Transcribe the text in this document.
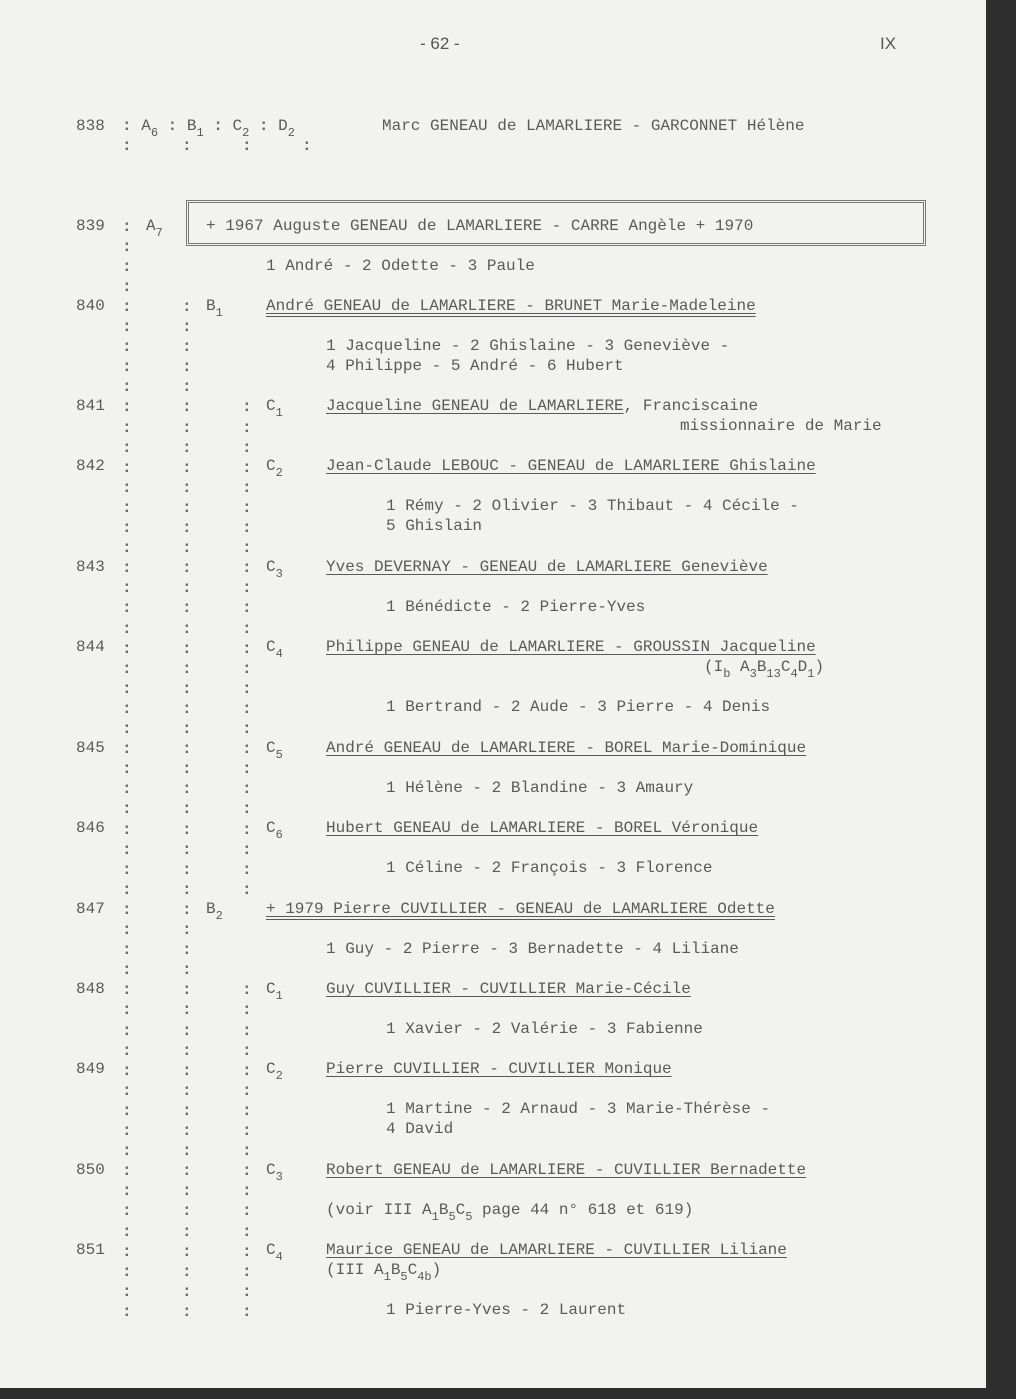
- 62 -	IX
838 : $A_6$ : $B_1$ : $C_2$ : $D_2$	Marc GENEAU de LAMARLIERE - GARCONNET Hélène
839	$A_7$	+ 1967 Auguste GENEAU de LAMARLIERE - CARRE Angèle + 1970
1 André - 2 Odette - 3 Paule
840	$B_1$	André GENEAU de LAMARLIERE - BRUNET Marie-Madeleine
1 Jacqueline - 2 Ghislaine - 3 Geneviève -
4 Philippe - 5 André - 6 Hubert
841	$C_1$	Jacqueline GENEAU de LAMARLIERE, Franciscaine
missionnaire de Marie
842	$C_2$	Jean-Claude LEBOUC - GENEAU de LAMARLIERE Ghislaine
1 Rémy - 2 Olivier - 3 Thibaut - 4 Cécile -
5 Ghislain
843	$C_3$	Yves DEVERNAY - GENEAU de LAMARLIERE Geneviève
1 Bénédicte - 2 Pierre-Yves
844	$C_4$	Philippe GENEAU de LAMARLIERE - GROUSSIN Jacqueline
($I_b$ $A_3B_{13}C_4D_1$)
1 Bertrand - 2 Aude - 3 Pierre - 4 Denis
845	$C_5$	André GENEAU de LAMARLIERE - BOREL Marie-Dominique
1 Hélène - 2 Blandine - 3 Amaury
846	$C_6$	Hubert GENEAU de LAMARLIERE - BOREL Véronique
1 Céline - 2 François - 3 Florence
847	$B_2$	+ 1979 Pierre CUVILLIER - GENEAU de LAMARLIERE Odette
1 Guy - 2 Pierre - 3 Bernadette - 4 Liliane
848	$C_1$	Guy CUVILLIER - CUVILLIER Marie-Cécile
1 Xavier - 2 Valérie - 3 Fabienne
849	$C_2$	Pierre CUVILLIER - CUVILLIER Monique
1 Martine - 2 Arnaud - 3 Marie-Thérèse -
4 David
850	$C_3$	Robert GENEAU de LAMARLIERE - CUVILLIER Bernadette
(voir III $A_1B_5C_5$ page 44 n° 618 et 619)
851	$C_4$	Maurice GENEAU de LAMARLIERE - CUVILLIER Liliane
(III $A_1B_5C_{4b}$)
1 Pierre-Yves - 2 Laurent
:	:	:	:
:
:
:
:
:
:
:
:
:
:
:
:
:
:
:
:
:
:
:
:
:
:
:
:
:
:
:
:
:
:
:
:
:
:
:
:
:
:
:
:
:
:
:
:
:
:
:
:
:
:
:
:
:
:
:
:
:
:
:
:
:
:
:
:
:
:
:
:
:
:
:
:
:
:
:
:
:
:
:
:
:
:
:
:
:
:
:
:
:
:
:
:
:
:
:
:
:
:
:
:
:
:
:
:
:
:
:
:
:
:
:
:
:
:
:
:
:
:
:
:
:
:
:
:
:
:
:
:
:
:
:
:
:
:
:
:
:
:
:
:
:
:
:
:
:
:
:
:
